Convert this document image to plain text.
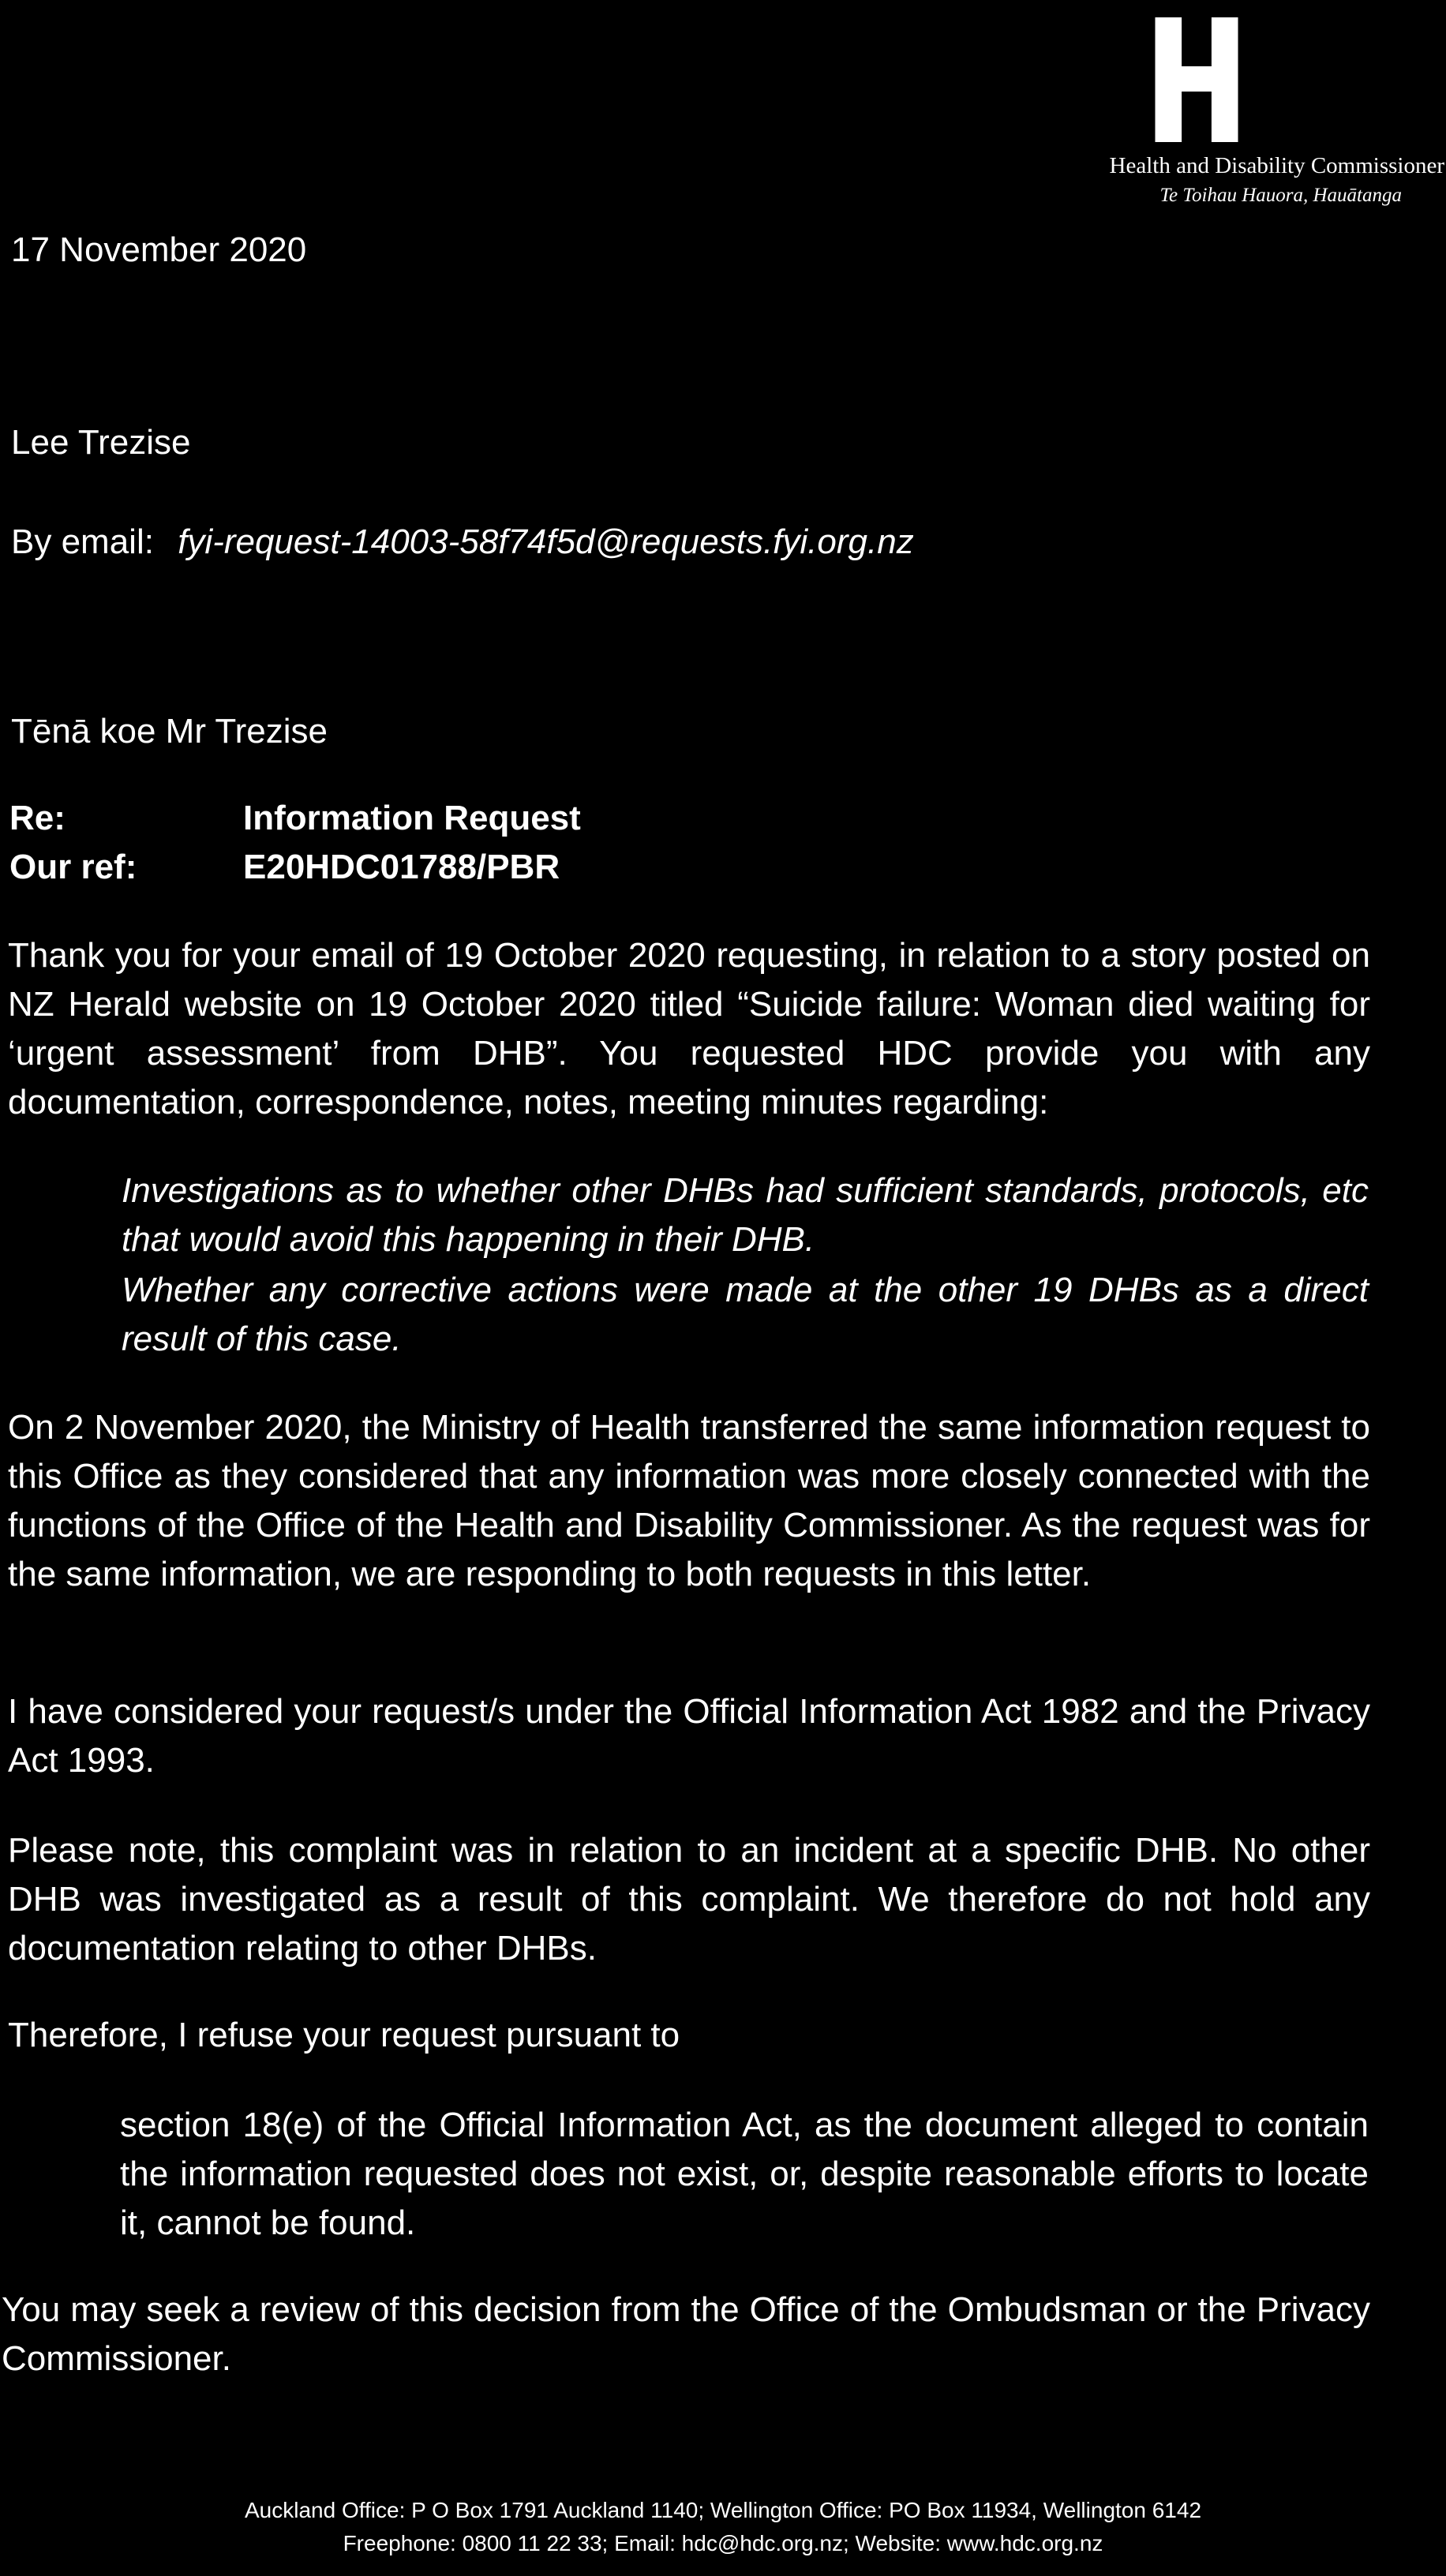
Health and Disability Commissioner
Te Toihau Hauora, Hauātanga
17 November 2020
Lee Trezise
By email: fyi-request-14003-58f74f5d@requests.fyi.org.nz
Tēnā koe Mr Trezise
Re:	Information Request
Our ref:	E20HDC01788/PBR
Thank you for your email of 19 October 2020 requesting, in relation to a story posted on NZ Herald website on 19 October 2020 titled “Suicide failure: Woman died waiting for ‘urgent assessment’ from DHB”. You requested HDC provide you with any documentation, correspondence, notes, meeting minutes regarding:
Investigations as to whether other DHBs had sufficient standards, protocols, etc that would avoid this happening in their DHB.
Whether any corrective actions were made at the other 19 DHBs as a direct result of this case.
On 2 November 2020, the Ministry of Health transferred the same information request to this Office as they considered that any information was more closely connected with the functions of the Office of the Health and Disability Commissioner. As the request was for the same information, we are responding to both requests in this letter.
I have considered your request/s under the Official Information Act 1982 and the Privacy Act 1993.
Please note, this complaint was in relation to an incident at a specific DHB. No other DHB was investigated as a result of this complaint. We therefore do not hold any documentation relating to other DHBs.
Therefore, I refuse your request pursuant to
section 18(e) of the Official Information Act, as the document alleged to contain the information requested does not exist, or, despite reasonable efforts to locate it, cannot be found.
You may seek a review of this decision from the Office of the Ombudsman or the Privacy Commissioner.
Auckland Office: P O Box 1791 Auckland 1140; Wellington Office: PO Box 11934, Wellington 6142
Freephone: 0800 11 22 33; Email: hdc@hdc.org.nz; Website: www.hdc.org.nz
